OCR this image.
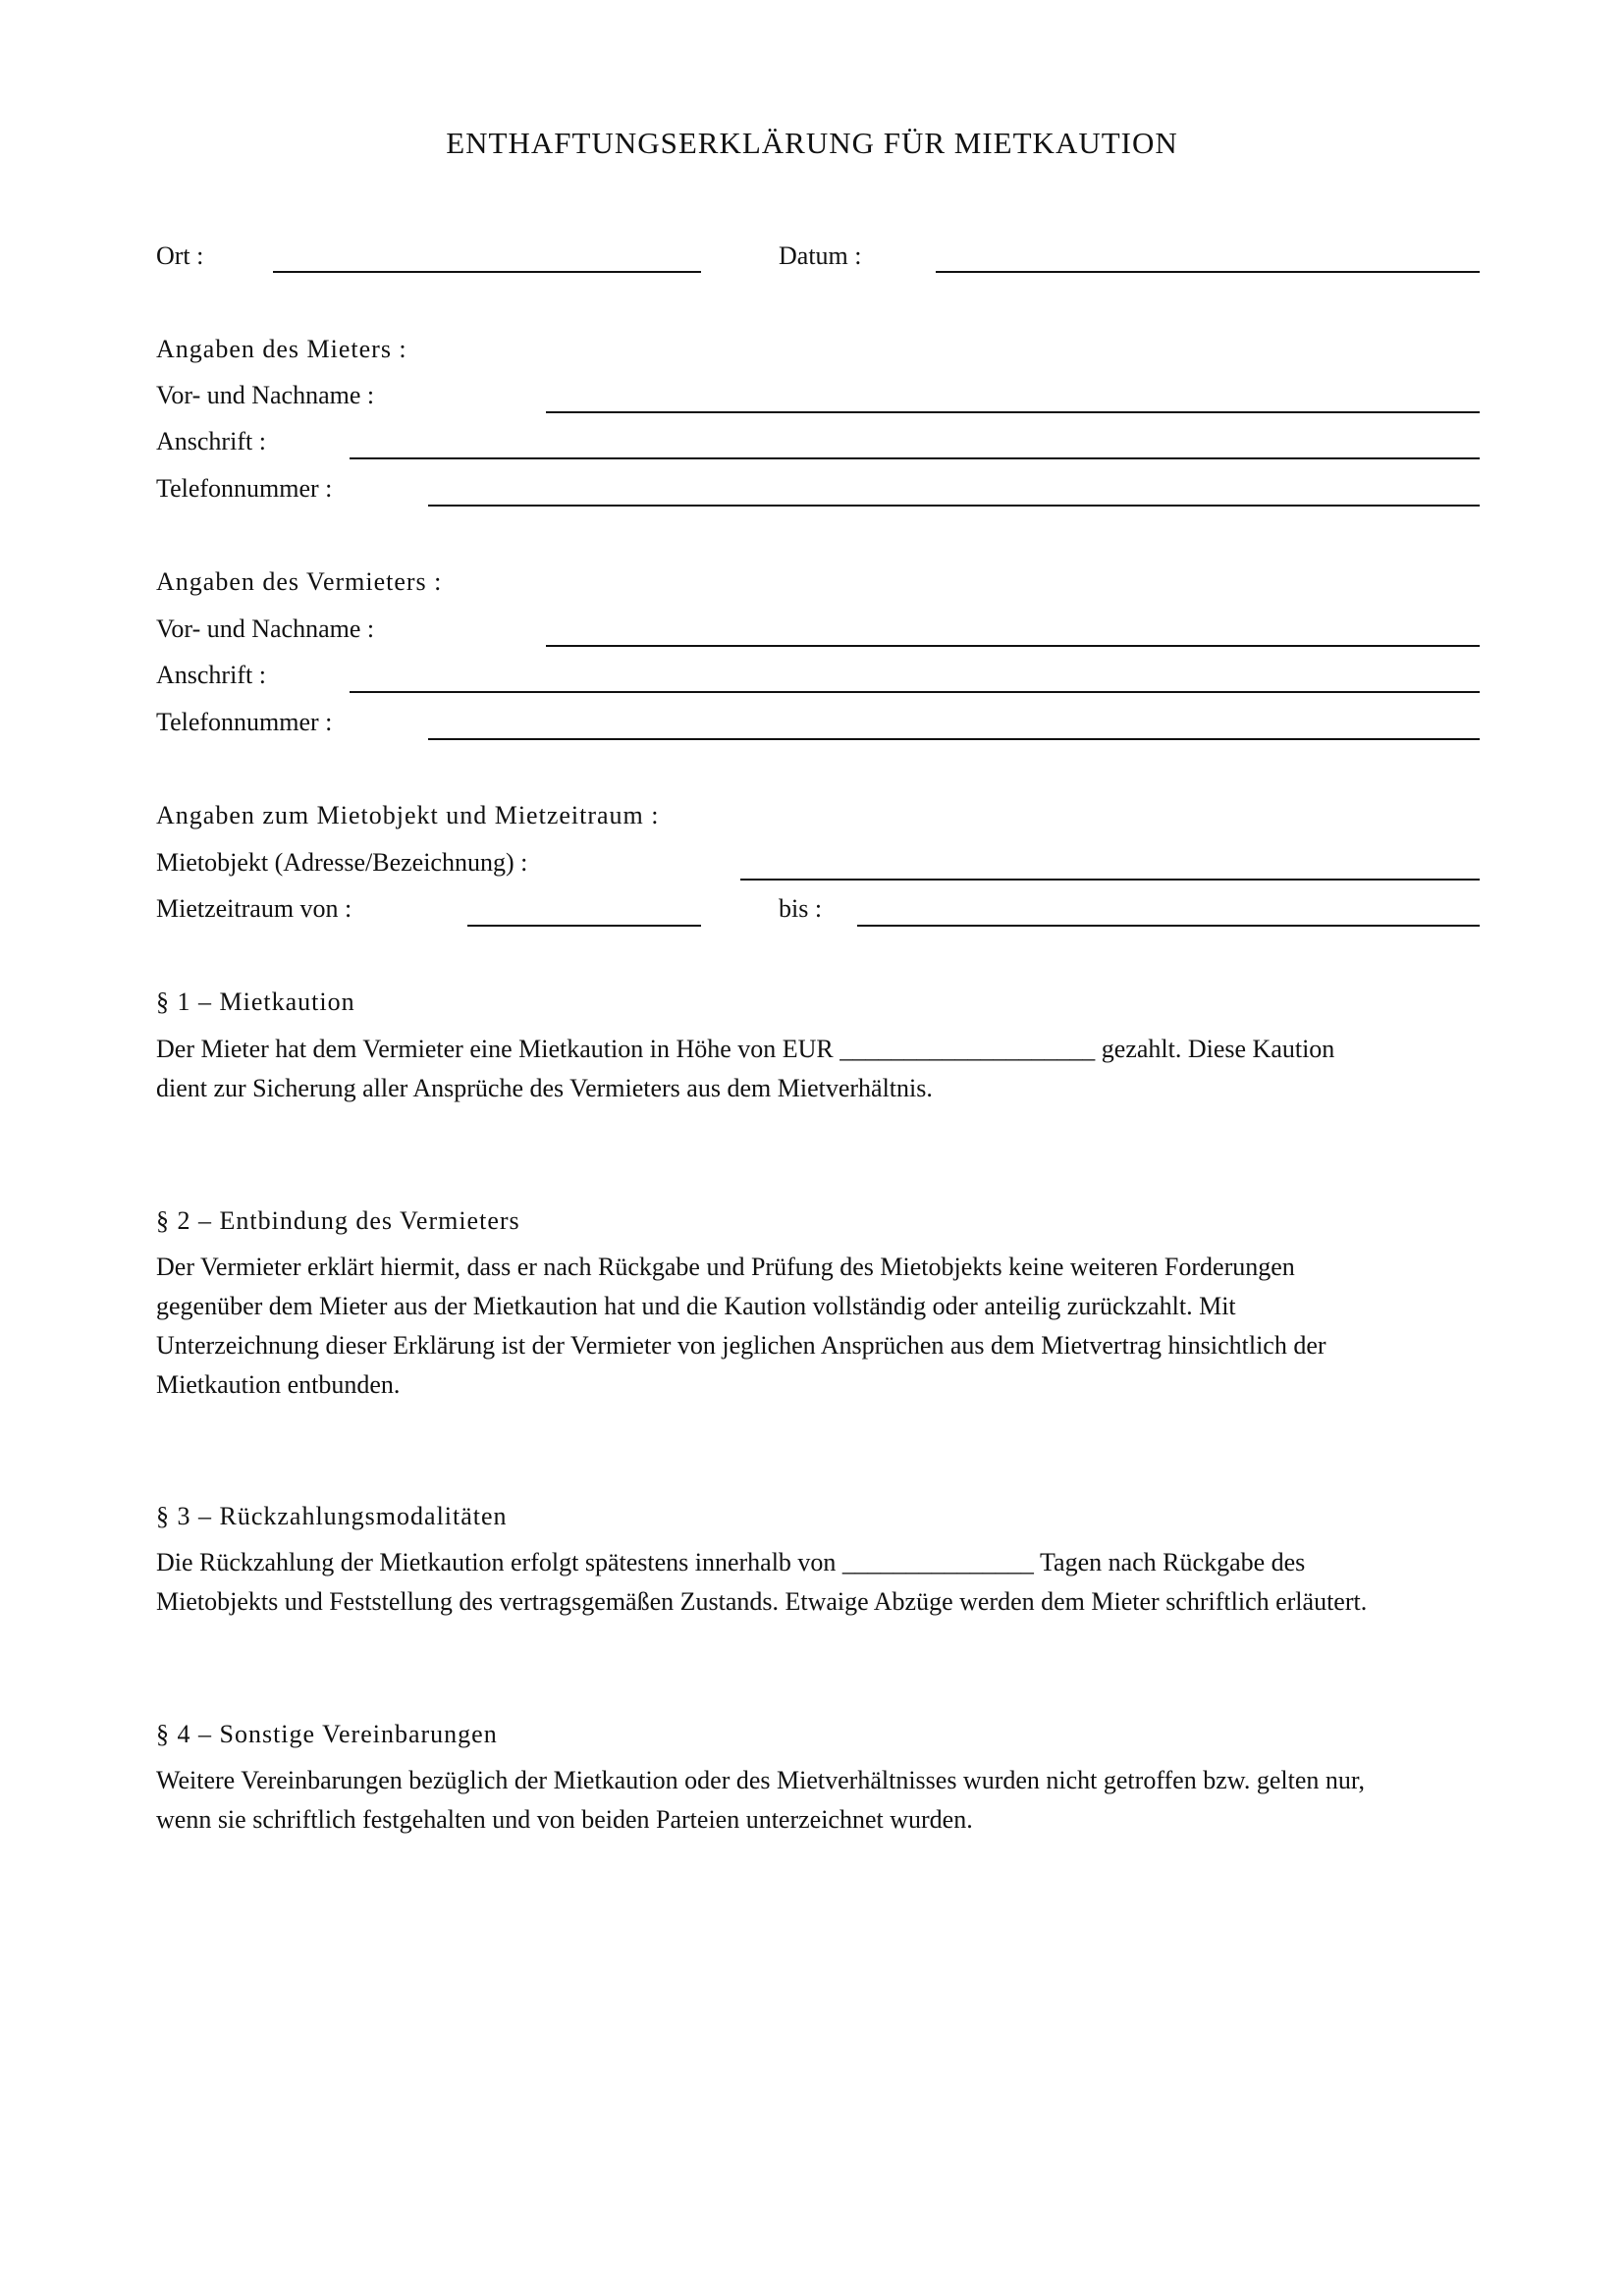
ENTHAFTUNGSERKLÄRUNG FÜR MIETKAUTION
Ort :	Datum :
Angaben des Mieters :
Vor- und Nachname :
Anschrift :
Telefonnummer :
Angaben des Vermieters :
Vor- und Nachname :
Anschrift :
Telefonnummer :
Angaben zum Mietobjekt und Mietzeitraum :
Mietobjekt (Adresse/Bezeichnung) :
Mietzeitraum von :	bis :
§ 1 – Mietkaution

Der Mieter hat dem Vermieter eine Mietkaution in Höhe von EUR ____________________ gezahlt. Diese Kaution

dient zur Sicherung aller Ansprüche des Vermieters aus dem Mietverhältnis.

§ 2 – Entbindung des Vermieters

Der Vermieter erklärt hiermit, dass er nach Rückgabe und Prüfung des Mietobjekts keine weiteren Forderungen

gegenüber dem Mieter aus der Mietkaution hat und die Kaution vollständig oder anteilig zurückzahlt. Mit

Unterzeichnung dieser Erklärung ist der Vermieter von jeglichen Ansprüchen aus dem Mietvertrag hinsichtlich der

Mietkaution entbunden.

§ 3 – Rückzahlungsmodalitäten

Die Rückzahlung der Mietkaution erfolgt spätestens innerhalb von _______________ Tagen nach Rückgabe des

Mietobjekts und Feststellung des vertragsgemäßen Zustands. Etwaige Abzüge werden dem Mieter schriftlich erläutert.

§ 4 – Sonstige Vereinbarungen

Weitere Vereinbarungen bezüglich der Mietkaution oder des Mietverhältnisses wurden nicht getroffen bzw. gelten nur,

wenn sie schriftlich festgehalten und von beiden Parteien unterzeichnet wurden.
